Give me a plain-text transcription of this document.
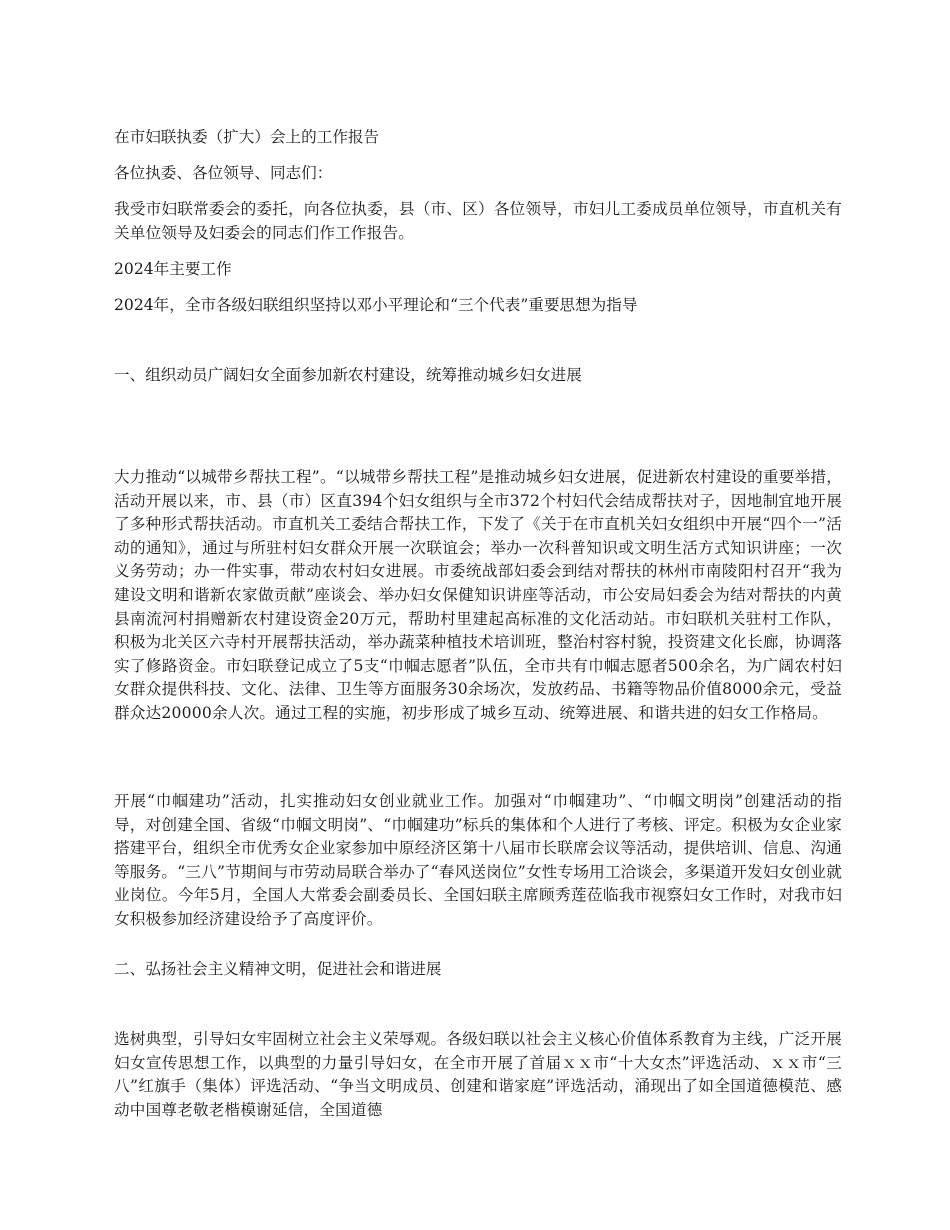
在市妇联执委（扩大）会上的工作报告

各位执委、各位领导、同志们：

我受市妇联常委会的委托，向各位执委，县（市、区）各位领导，市妇儿工委成员单位领导，市直机关有关单位领导及妇委会的同志们作工作报告。

2024年主要工作

2024年，全市各级妇联组织坚持以邓小平理论和“三个代表”重要思想为指导

一、组织动员广阔妇女全面参加新农村建设，统筹推动城乡妇女进展

大力推动“以城带乡帮扶工程”。“以城带乡帮扶工程”是推动城乡妇女进展，促进新农村建设的重要举措，活动开展以来，市、县（市）区直394个妇女组织与全市372个村妇代会结成帮扶对子，因地制宜地开展了多种形式帮扶活动。市直机关工委结合帮扶工作，下发了《关于在市直机关妇女组织中开展“四个一”活动的通知》，通过与所驻村妇女群众开展一次联谊会；举办一次科普知识或文明生活方式知识讲座；一次义务劳动；办一件实事，带动农村妇女进展。市委统战部妇委会到结对帮扶的林州市南陵阳村召开“我为建设文明和谐新农家做贡献”座谈会、举办妇女保健知识讲座等活动，市公安局妇委会为结对帮扶的内黄县南流河村捐赠新农村建设资金20万元，帮助村里建起高标准的文化活动站。市妇联机关驻村工作队，积极为北关区六寺村开展帮扶活动，举办蔬菜种植技术培训班，整治村容村貌，投资建文化长廊，协调落实了修路资金。市妇联登记成立了5支“巾帼志愿者”队伍，全市共有巾帼志愿者500余名，为广阔农村妇女群众提供科技、文化、法律、卫生等方面服务30余场次，发放药品、书籍等物品价值8000余元，受益群众达20000余人次。通过工程的实施，初步形成了城乡互动、统筹进展、和谐共进的妇女工作格局。

开展“巾帼建功”活动，扎实推动妇女创业就业工作。加强对“巾帼建功”、“巾帼文明岗”创建活动的指导，对创建全国、省级“巾帼文明岗”、“巾帼建功”标兵的集体和个人进行了考核、评定。积极为女企业家搭建平台，组织全市优秀女企业家参加中原经济区第十八届市长联席会议等活动，提供培训、信息、沟通等服务。“三八”节期间与市劳动局联合举办了“春风送岗位”女性专场用工洽谈会，多渠道开发妇女创业就业岗位。今年5月，全国人大常委会副委员长、全国妇联主席顾秀莲莅临我市视察妇女工作时，对我市妇女积极参加经济建设给予了高度评价。

二、弘扬社会主义精神文明，促进社会和谐进展

选树典型，引导妇女牢固树立社会主义荣辱观。各级妇联以社会主义核心价值体系教育为主线，广泛开展妇女宣传思想工作，以典型的力量引导妇女，在全市开展了首届ｘｘ市“十大女杰”评选活动、ｘｘ市“三八”红旗手（集体）评选活动、“争当文明成员、创建和谐家庭”评选活动，涌现出了如全国道德模范、感动中国尊老敬老楷模谢延信，全国道德
